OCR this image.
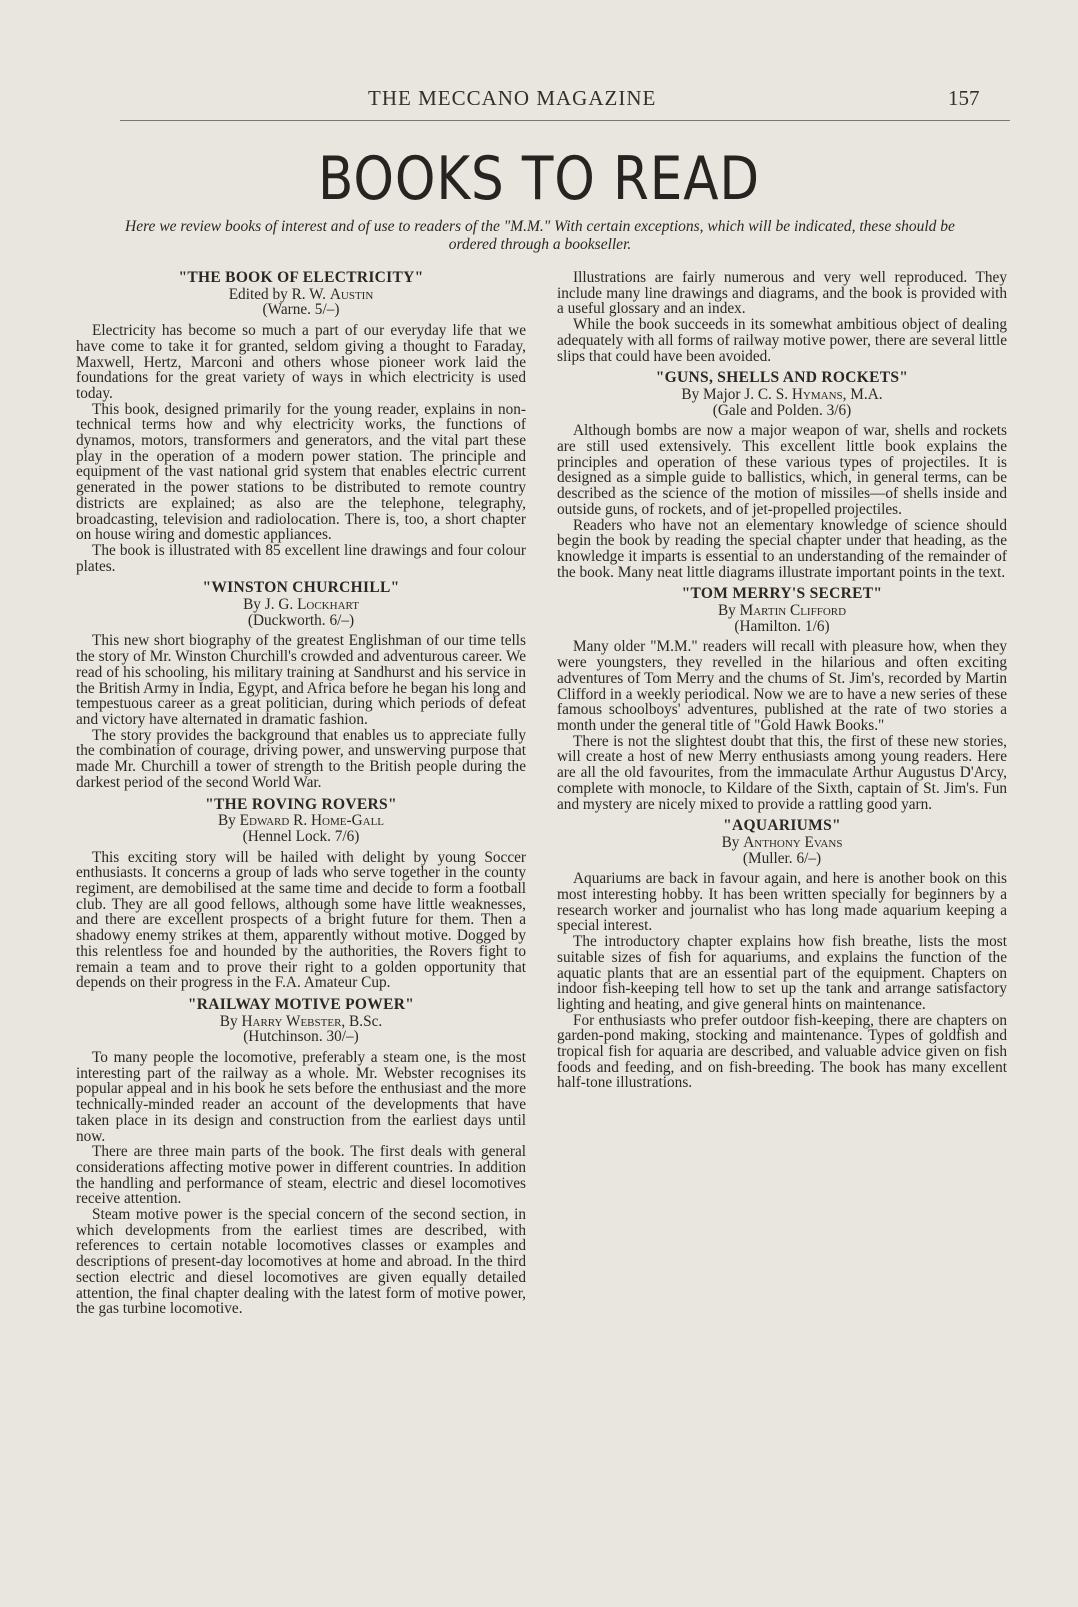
THE MECCANO MAGAZINE	157
BOOKS TO READ
Here we review books of interest and of use to readers of the "M.M." With certain exceptions, which will be indicated, these should be ordered through a bookseller.
"THE BOOK OF ELECTRICITY"
Edited by R. W. Austin
(Warne. 5/–)

Electricity has become so much a part of our everyday life that we have come to take it for granted, seldom giving a thought to Faraday, Maxwell, Hertz, Marconi and others whose pioneer work laid the foundations for the great variety of ways in which electricity is used today.

This book, designed primarily for the young reader, explains in non-technical terms how and why electricity works, the functions of dynamos, motors, transformers and generators, and the vital part these play in the operation of a modern power station. The principle and equipment of the vast national grid system that enables electric current generated in the power stations to be distributed to remote country districts are explained; as also are the telephone, telegraphy, broadcasting, television and radiolocation. There is, too, a short chapter on house wiring and domestic appliances.

The book is illustrated with 85 excellent line drawings and four colour plates.

"WINSTON CHURCHILL"
By J. G. Lockhart
(Duckworth. 6/–)

This new short biography of the greatest Englishman of our time tells the story of Mr. Winston Churchill's crowded and adventurous career. We read of his schooling, his military training at Sandhurst and his service in the British Army in India, Egypt, and Africa before he began his long and tempestuous career as a great politician, during which periods of defeat and victory have alternated in dramatic fashion.

The story provides the background that enables us to appreciate fully the combination of courage, driving power, and unswerving purpose that made Mr. Churchill a tower of strength to the British people during the darkest period of the second World War.

"THE ROVING ROVERS"
By Edward R. Home-Gall
(Hennel Lock. 7/6)

This exciting story will be hailed with delight by young Soccer enthusiasts. It concerns a group of lads who serve together in the county regiment, are demobilised at the same time and decide to form a football club. They are all good fellows, although some have little weaknesses, and there are excellent prospects of a bright future for them. Then a shadowy enemy strikes at them, apparently without motive. Dogged by this relentless foe and hounded by the authorities, the Rovers fight to remain a team and to prove their right to a golden opportunity that depends on their progress in the F.A. Amateur Cup.

"RAILWAY MOTIVE POWER"
By Harry Webster, B.Sc.
(Hutchinson. 30/–)

To many people the locomotive, preferably a steam one, is the most interesting part of the railway as a whole. Mr. Webster recognises its popular appeal and in his book he sets before the enthusiast and the more technically-minded reader an account of the developments that have taken place in its design and construction from the earliest days until now.

There are three main parts of the book. The first deals with general considerations affecting motive power in different countries. In addition the handling and performance of steam, electric and diesel locomotives receive attention.

Steam motive power is the special concern of the second section, in which developments from the earliest times are described, with references to certain notable locomotives classes or examples and descriptions of present-day locomotives at home and abroad. In the third section electric and diesel locomotives are given equally detailed attention, the final chapter dealing with the latest form of motive power, the gas turbine locomotive.

Illustrations are fairly numerous and very well reproduced. They include many line drawings and diagrams, and the book is provided with a useful glossary and an index.

While the book succeeds in its somewhat ambitious object of dealing adequately with all forms of railway motive power, there are several little slips that could have been avoided.

"GUNS, SHELLS AND ROCKETS"
By Major J. C. S. Hymans, M.A.
(Gale and Polden. 3/6)

Although bombs are now a major weapon of war, shells and rockets are still used extensively. This excellent little book explains the principles and operation of these various types of projectiles. It is designed as a simple guide to ballistics, which, in general terms, can be described as the science of the motion of missiles—of shells inside and outside guns, of rockets, and of jet-propelled projectiles.

Readers who have not an elementary knowledge of science should begin the book by reading the special chapter under that heading, as the knowledge it imparts is essential to an understanding of the remainder of the book. Many neat little diagrams illustrate important points in the text.

"TOM MERRY'S SECRET"
By Martin Clifford
(Hamilton. 1/6)

Many older "M.M." readers will recall with pleasure how, when they were youngsters, they revelled in the hilarious and often exciting adventures of Tom Merry and the chums of St. Jim's, recorded by Martin Clifford in a weekly periodical. Now we are to have a new series of these famous schoolboys' adventures, published at the rate of two stories a month under the general title of "Gold Hawk Books."

There is not the slightest doubt that this, the first of these new stories, will create a host of new Merry enthusiasts among young readers. Here are all the old favourites, from the immaculate Arthur Augustus D'Arcy, complete with monocle, to Kildare of the Sixth, captain of St. Jim's. Fun and mystery are nicely mixed to provide a rattling good yarn.

"AQUARIUMS"
By Anthony Evans
(Muller. 6/–)

Aquariums are back in favour again, and here is another book on this most interesting hobby. It has been written specially for beginners by a research worker and journalist who has long made aquarium keeping a special interest.

The introductory chapter explains how fish breathe, lists the most suitable sizes of fish for aquariums, and explains the function of the aquatic plants that are an essential part of the equipment. Chapters on indoor fish-keeping tell how to set up the tank and arrange satisfactory lighting and heating, and give general hints on maintenance.

For enthusiasts who prefer outdoor fish-keeping, there are chapters on garden-pond making, stocking and maintenance. Types of goldfish and tropical fish for aquaria are described, and valuable advice given on fish foods and feeding, and on fish-breeding. The book has many excellent half-tone illustrations.
